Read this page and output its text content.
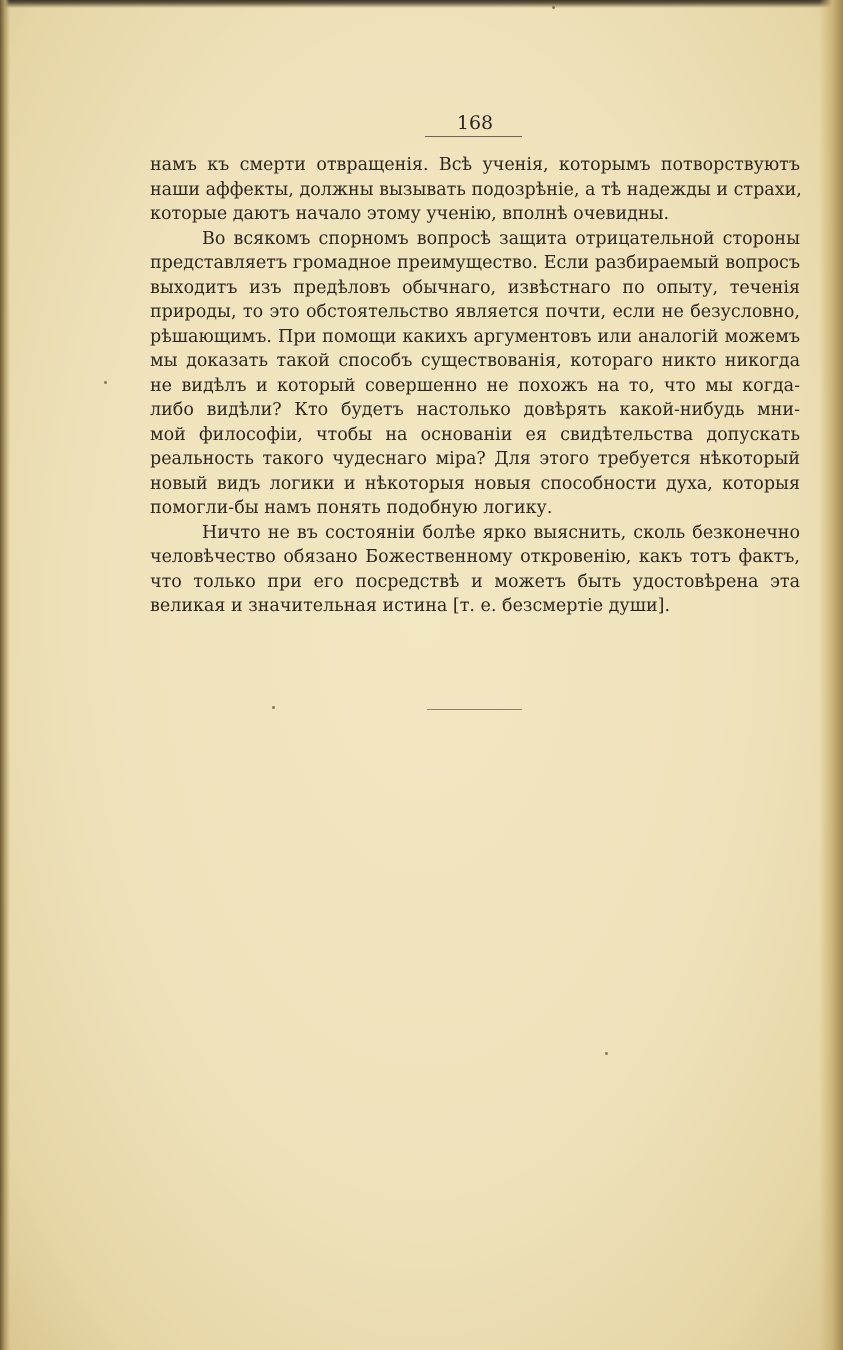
168
намъ къ смерти отвращенія. Всѣ ученія, которымъ потворствуютъ
наши аффекты, должны вызывать подозрѣніе, а тѣ надежды и страхи,
которые даютъ начало этому ученію, вполнѣ очевидны.
Во всякомъ спорномъ вопросѣ защита отрицательной стороны
представляетъ громадное преимущество. Если разбираемый вопросъ
выходитъ изъ предѣловъ обычнаго, извѣстнаго по опыту, теченія
природы, то это обстоятельство является почти, если не безусловно,
рѣшающимъ. При помощи какихъ аргументовъ или аналогій можемъ
мы доказать такой способъ существованія, котораго никто никогда
не видѣлъ и который совершенно не похожъ на то, что мы когда-
либо видѣли? Кто будетъ настолько довѣрять какой-нибудь мни-
мой философіи, чтобы на основаніи ея свидѣтельства допускать
реальность такого чудеснаго міра? Для этого требуется нѣкоторый
новый видъ логики и нѣкоторыя новыя способности духа, которыя
помогли-бы намъ понять подобную логику.
Ничто не въ состояніи болѣе ярко выяснить, сколь безконечно
человѣчество обязано Божественному откровенію, какъ тотъ фактъ,
что только при его посредствѣ и можетъ быть удостовѣрена эта
великая и значительная истина [т. е. безсмертіе души].
